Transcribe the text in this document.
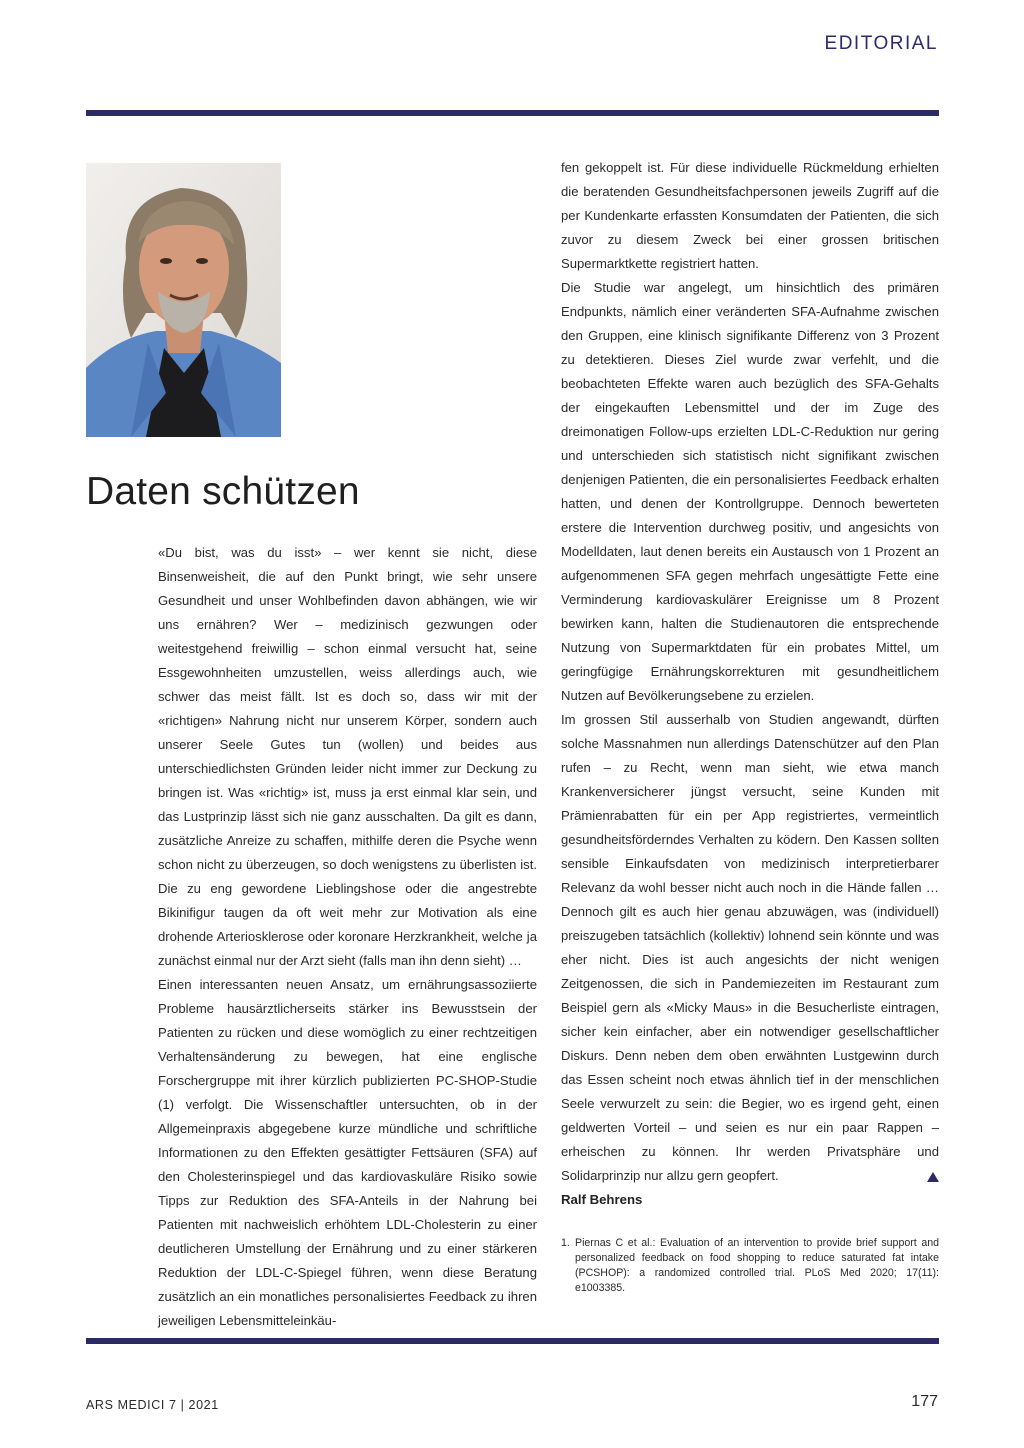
EDITORIAL
Daten schützen

«Du bist, was du isst» – wer kennt sie nicht, diese Binsenweisheit, die auf den Punkt bringt, wie sehr unsere Gesundheit und unser Wohlbefinden davon abhängen, wie wir uns ernähren? Wer – medizinisch gezwungen oder weitestgehend freiwillig – schon einmal versucht hat, seine Essgewohnheiten umzustellen, weiss allerdings auch, wie schwer das meist fällt. Ist es doch so, dass wir mit der «richtigen» Nahrung nicht nur unserem Körper, sondern auch unserer Seele Gutes tun (wollen) und beides aus unterschiedlichsten Gründen leider nicht immer zur Deckung zu bringen ist. Was «richtig» ist, muss ja erst einmal klar sein, und das Lustprinzip lässt sich nie ganz ausschalten. Da gilt es dann, zusätzliche Anreize zu schaffen, mithilfe deren die Psyche wenn schon nicht zu überzeugen, so doch wenigstens zu überlisten ist. Die zu eng gewordene Lieblingshose oder die angestrebte Bikinifigur taugen da oft weit mehr zur Motivation als eine drohende Arteriosklerose oder koronare Herzkrankheit, welche ja zunächst einmal nur der Arzt sieht (falls man ihn denn sieht) …

Einen interessanten neuen Ansatz, um ernährungsassoziierte Probleme hausärztlicherseits stärker ins Bewusstsein der Patienten zu rücken und diese womöglich zu einer rechtzeitigen Verhaltensänderung zu bewegen, hat eine englische Forschergruppe mit ihrer kürzlich publizierten PC-SHOP-Studie (1) verfolgt. Die Wissenschaftler untersuchten, ob in der Allgemeinpraxis abgegebene kurze mündliche und schriftliche Informationen zu den Effekten gesättigter Fettsäuren (SFA) auf den Cholesterinspiegel und das kardiovaskuläre Risiko sowie Tipps zur Reduktion des SFA-Anteils in der Nahrung bei Patienten mit nachweislich erhöhtem LDL-Cholesterin zu einer deutlicheren Umstellung der Ernährung und zu einer stärkeren Reduktion der LDL-C-Spiegel führen, wenn diese Beratung zusätzlich an ein monatliches personalisiertes Feedback zu ihren jeweiligen Lebensmitteleinkäu-

fen gekoppelt ist. Für diese individuelle Rückmeldung erhielten die beratenden Gesundheitsfachpersonen jeweils Zugriff auf die per Kundenkarte erfassten Konsumdaten der Patienten, die sich zuvor zu diesem Zweck bei einer grossen britischen Supermarktkette registriert hatten.

Die Studie war angelegt, um hinsichtlich des primären Endpunkts, nämlich einer veränderten SFA-Aufnahme zwischen den Gruppen, eine klinisch signifikante Differenz von 3 Prozent zu detektieren. Dieses Ziel wurde zwar verfehlt, und die beobachteten Effekte waren auch bezüglich des SFA-Gehalts der eingekauften Lebensmittel und der im Zuge des dreimonatigen Follow-ups erzielten LDL-C-Reduktion nur gering und unterschieden sich statistisch nicht signifikant zwischen denjenigen Patienten, die ein personalisiertes Feedback erhalten hatten, und denen der Kontrollgruppe. Dennoch bewerteten erstere die Intervention durchweg positiv, und angesichts von Modelldaten, laut denen bereits ein Austausch von 1 Prozent an aufgenommenen SFA gegen mehrfach ungesättigte Fette eine Verminderung kardiovaskulärer Ereignisse um 8 Prozent bewirken kann, halten die Studienautoren die entsprechende Nutzung von Supermarktdaten für ein probates Mittel, um geringfügige Ernährungskorrekturen mit gesundheitlichem Nutzen auf Bevölkerungsebene zu erzielen.

Im grossen Stil ausserhalb von Studien angewandt, dürften solche Massnahmen nun allerdings Datenschützer auf den Plan rufen – zu Recht, wenn man sieht, wie etwa manch Krankenversicherer jüngst versucht, seine Kunden mit Prämienrabatten für ein per App registriertes, vermeintlich gesundheitsförderndes Verhalten zu ködern. Den Kassen sollten sensible Einkaufsdaten von medizinisch interpretierbarer Relevanz da wohl besser nicht auch noch in die Hände fallen … Dennoch gilt es auch hier genau abzuwägen, was (individuell) preiszugeben tatsächlich (kollektiv) lohnend sein könnte und was eher nicht. Dies ist auch angesichts der nicht wenigen Zeitgenossen, die sich in Pandemiezeiten im Restaurant zum Beispiel gern als «Micky Maus» in die Besucherliste eintragen, sicher kein einfacher, aber ein notwendiger gesellschaftlicher Diskurs. Denn neben dem oben erwähnten Lustgewinn durch das Essen scheint noch etwas ähnlich tief in der menschlichen Seele verwurzelt zu sein: die Begier, wo es irgend geht, einen geldwerten Vorteil – und seien es nur ein paar Rappen – erheischen zu können. Ihr werden Privatsphäre und Solidarprinzip nur allzu gern geopfert.

Ralf Behrens
1. Piernas C et al.: Evaluation of an intervention to provide brief support and personalized feedback on food shopping to reduce saturated fat intake (PCSHOP): a randomized controlled trial. PLoS Med 2020; 17(11): e1003385.
ARS MEDICI 7 | 2021	177
